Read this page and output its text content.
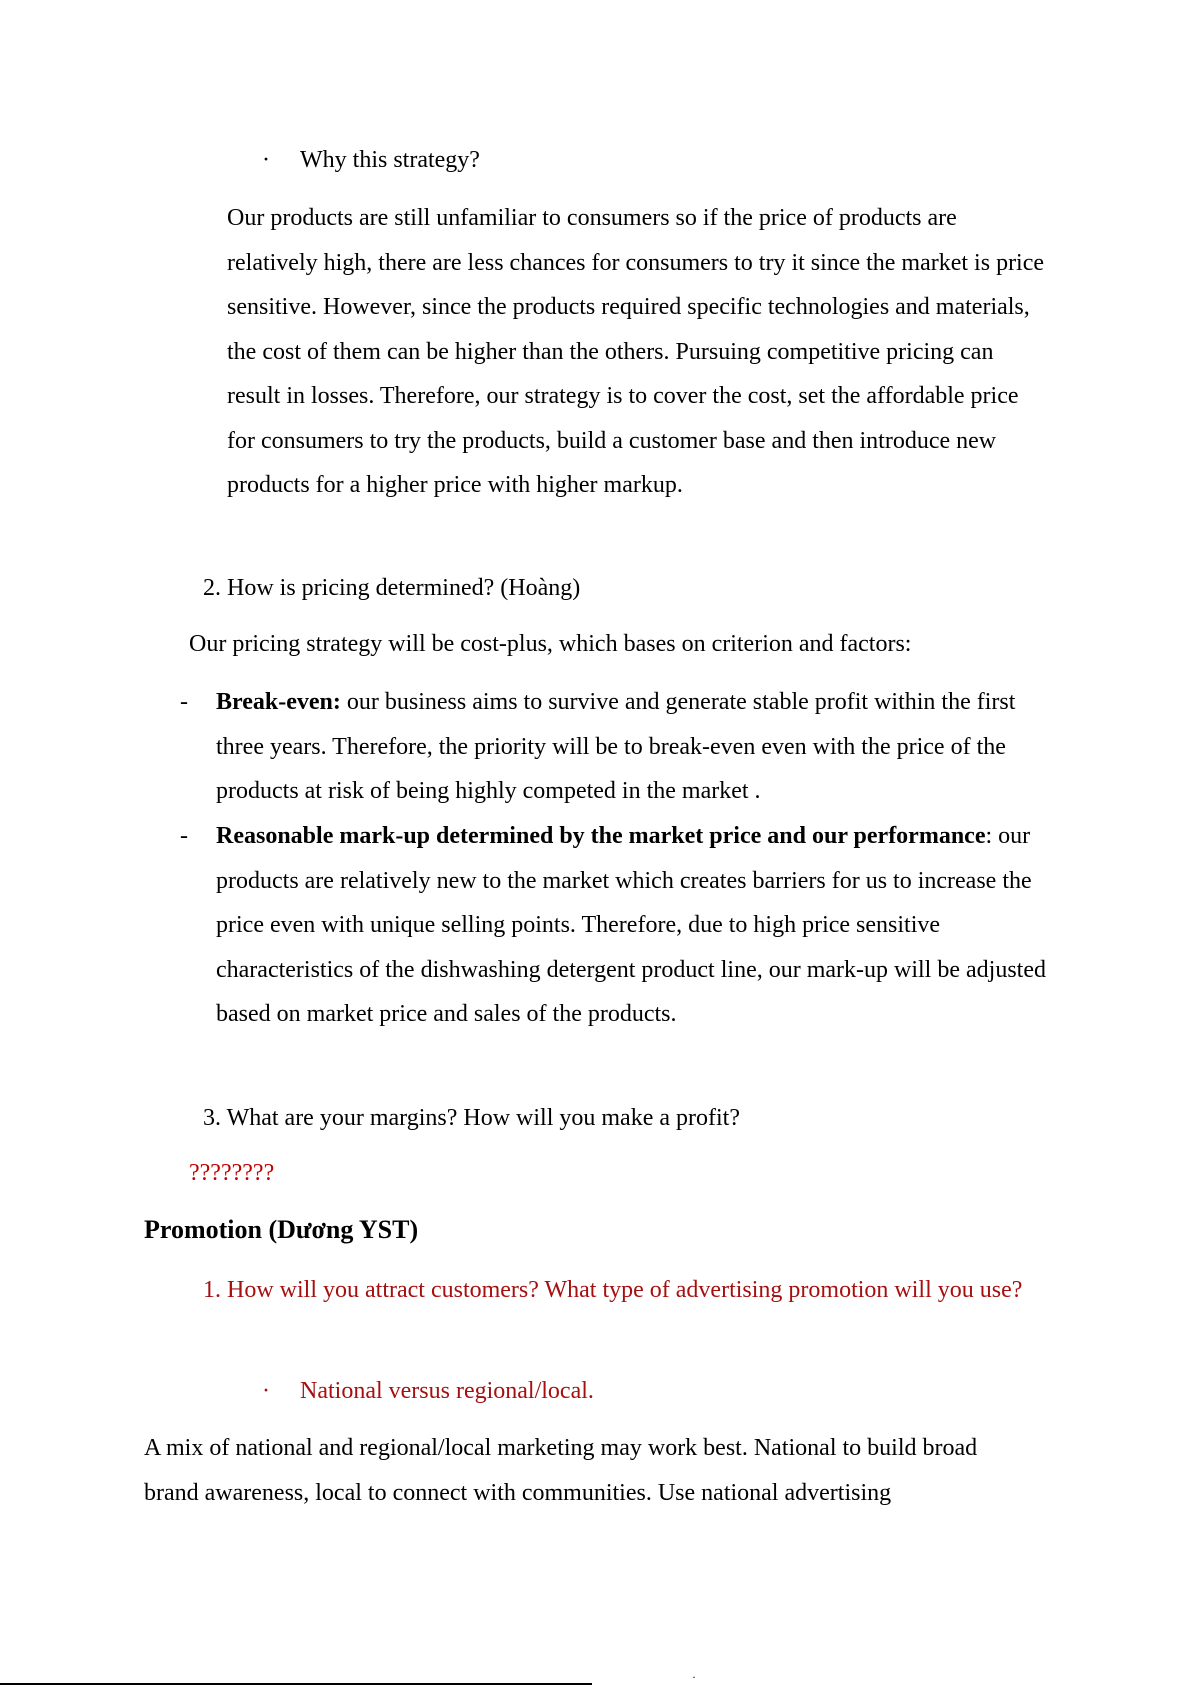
· Why this strategy?

Our products are still unfamiliar to consumers so if the price of products are relatively high, there are less chances for consumers to try it since the market is price sensitive. However, since the products required specific technologies and materials, the cost of them can be higher than the others. Pursuing competitive pricing can result in losses. Therefore, our strategy is to cover the cost, set the affordable price for consumers to try the products, build a customer base and then introduce new products for a higher price with higher markup.

2. How is pricing determined? (Hoàng)

Our pricing strategy will be cost-plus, which bases on criterion and factors:

- Break-even: our business aims to survive and generate stable profit within the first three years. Therefore, the priority will be to break-even even with the price of the products at risk of being highly competed in the market .

- Reasonable mark-up determined by the market price and our performance: our products are relatively new to the market which creates barriers for us to increase the price even with unique selling points. Therefore, due to high price sensitive characteristics of the dishwashing detergent product line, our mark-up will be adjusted based on market price and sales of the products.

3. What are your margins? How will you make a profit?

????????

Promotion (Dương YST)

1. How will you attract customers? What type of advertising promotion will you use?

· National versus regional/local.

A mix of national and regional/local marketing may work best. National to build broad brand awareness, local to connect with communities. Use national advertising

·
